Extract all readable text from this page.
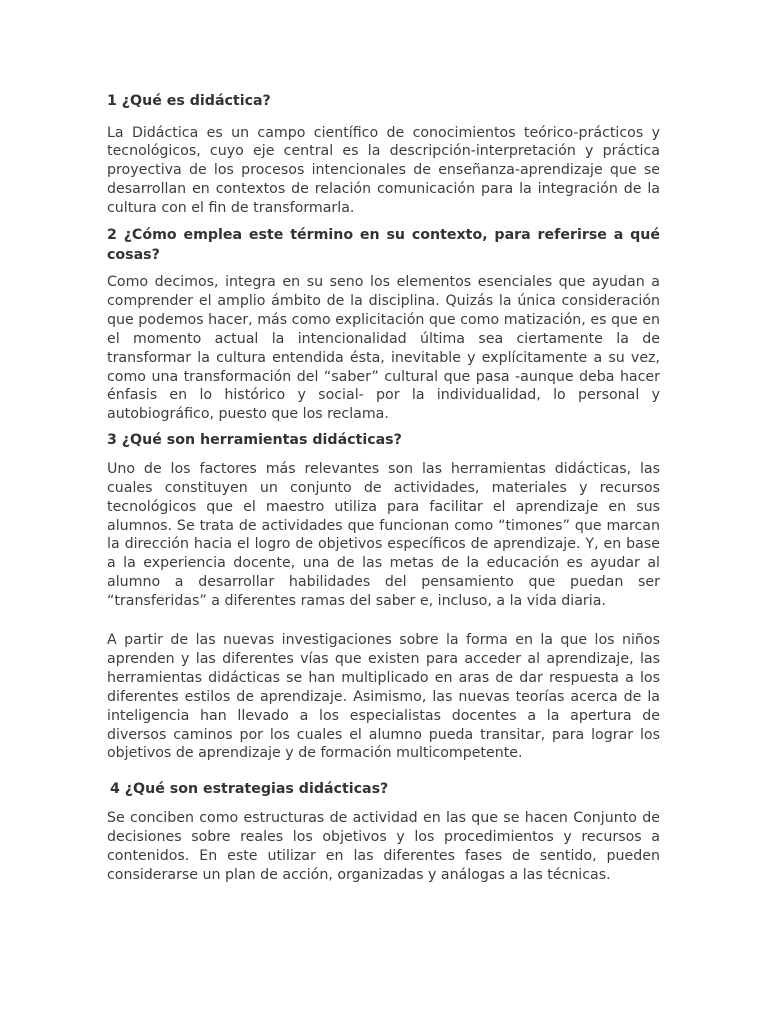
1 ¿Qué es didáctica?

La Didáctica es un campo científico de conocimientos teórico-prácticos y tecnológicos, cuyo eje central es la descripción-interpretación y práctica proyectiva de los procesos intencionales de enseñanza-aprendizaje que se desarrollan en contextos de relación comunicación para la integración de la cultura con el fin de transformarla.

2 ¿Cómo emplea este término en su contexto, para referirse a qué cosas?

Como decimos, integra en su seno los elementos esenciales que ayudan a comprender el amplio ámbito de la disciplina. Quizás la única consideración que podemos hacer, más como explicitación que como matización, es que en el momento actual la intencionalidad última sea ciertamente la de transformar la cultura entendida ésta, inevitable y explícitamente a su vez, como una transformación del “saber” cultural que pasa -aunque deba hacer énfasis en lo histórico y social- por la individualidad, lo personal y autobiográfico, puesto que los reclama.

3 ¿Qué son herramientas didácticas?

Uno de los factores más relevantes son las herramientas didácticas, las cuales constituyen un conjunto de actividades, materiales y recursos tecnológicos que el maestro utiliza para facilitar el aprendizaje en sus alumnos. Se trata de actividades que funcionan como “timones” que marcan la dirección hacia el logro de objetivos específicos de aprendizaje. Y, en base a la experiencia docente, una de las metas de la educación es ayudar al alumno a desarrollar habilidades del pensamiento que puedan ser “transferidas” a diferentes ramas del saber e, incluso, a la vida diaria.

A partir de las nuevas investigaciones sobre la forma en la que los niños aprenden y las diferentes vías que existen para acceder al aprendizaje, las herramientas didácticas se han multiplicado en aras de dar respuesta a los diferentes estilos de aprendizaje. Asimismo, las nuevas teorías acerca de la inteligencia han llevado a los especialistas docentes a la apertura de diversos caminos por los cuales el alumno pueda transitar, para lograr los objetivos de aprendizaje y de formación multicompetente.

4 ¿Qué son estrategias didácticas?

Se conciben como estructuras de actividad en las que se hacen Conjunto de decisiones sobre reales los objetivos y los procedimientos y recursos a contenidos. En este utilizar en las diferentes fases de sentido, pueden considerarse un plan de acción, organizadas y análogas a las técnicas.
